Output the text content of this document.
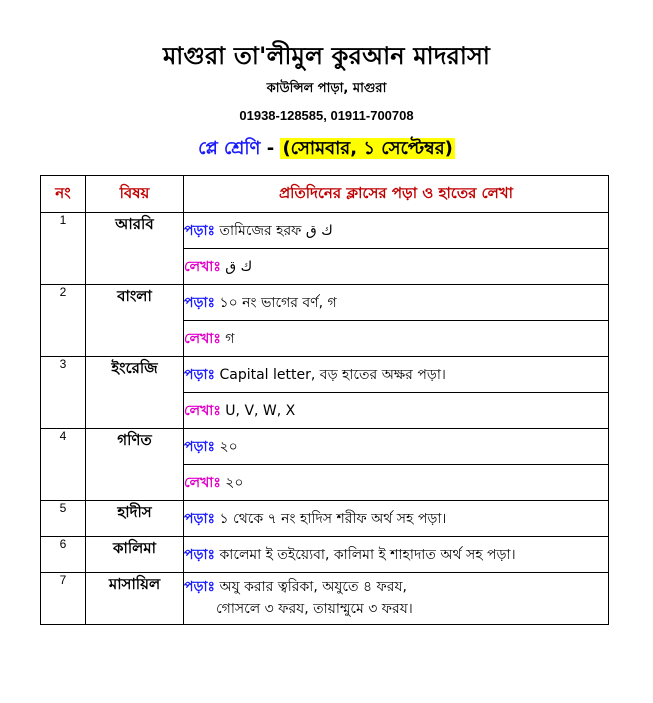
মাগুরা তা'লীমুল কুরআন মাদরাসা
কাউন্সিল পাড়া, মাগুরা
01938-128585, 01911-700708
প্লে শ্রেণি - (সোমবার, ১ সেপ্টেম্বর)
নং	বিষয়	প্রতিদিনের ক্লাসের পড়া ও হাতের লেখা
1	আরবি	পড়াঃ তামিজের হরফ ك ق
		লেখাঃ ك ق
2	বাংলা	পড়াঃ ১০ নং ভাগের বর্ণ, গ
		লেখাঃ গ
3	ইংরেজি	পড়াঃ Capital letter, বড় হাতের অক্ষর পড়া।
		লেখাঃ U, V, W, X
4	গণিত	পড়াঃ ২০
		লেখাঃ ২০
5	হাদীস	পড়াঃ ১ থেকে ৭ নং হাদিস শরীফ অর্থ সহ পড়া।
6	কালিমা	পড়াঃ কালেমা ই তইয়্যেবা, কালিমা ই শাহাদাত অর্থ সহ পড়া।
7	মাসায়িল	পড়াঃ অযু করার ত্বরিকা, অযুতে ৪ ফরয,
গোসলে ৩ ফরয, তায়াম্মুমে ৩ ফরয।
